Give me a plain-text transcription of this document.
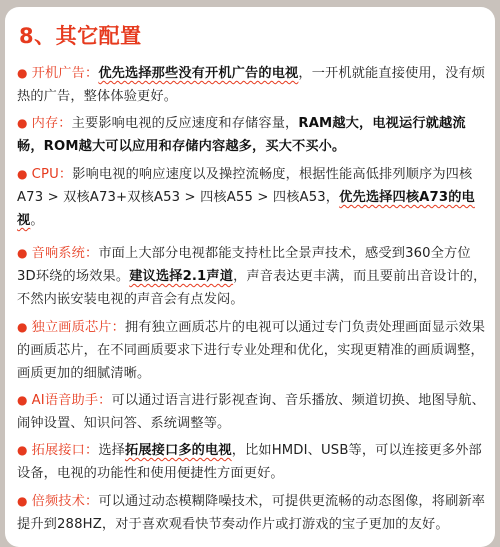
8、其它配置
● 开机广告：优先选择那些没有开机广告的电视，一开机就能直接使用，没有烦热的广告，整体体验更好。
● 内存：主要影响电视的反应速度和存储容量，RAM越大，电视运行就越流畅，ROM越大可以应用和存储内容越多，买大不买小。
● CPU：影响电视的响应速度以及操控流畅度，根据性能高低排列顺序为四核A73 > 双核A73+双核A53 > 四核A55 > 四核A53，优先选择四核A73的电视。
● 音响系统：市面上大部分电视都能支持杜比全景声技术，感受到360全方位3D环绕的场效果。建议选择2.1声道，声音表达更丰满，而且要前出音设计的，不然内嵌安装电视的声音会有点发闷。
● 独立画质芯片：拥有独立画质芯片的电视可以通过专门负责处理画面显示效果的画质芯片，在不同画质要求下进行专业处理和优化，实现更精准的画质调整，画质更加的细腻清晰。
● AI语音助手：可以通过语言进行影视查询、音乐播放、频道切换、地图导航、闹钟设置、知识问答、系统调整等。
● 拓展接口：选择拓展接口多的电视，比如HMDI、USB等，可以连接更多外部设备，电视的功能性和使用便捷性方面更好。
● 倍频技术：可以通过动态模糊降噪技术，可提供更流畅的动态图像，将刷新率提升到288HZ，对于喜欢观看快节奏动作片或打游戏的宝子更加的友好。
